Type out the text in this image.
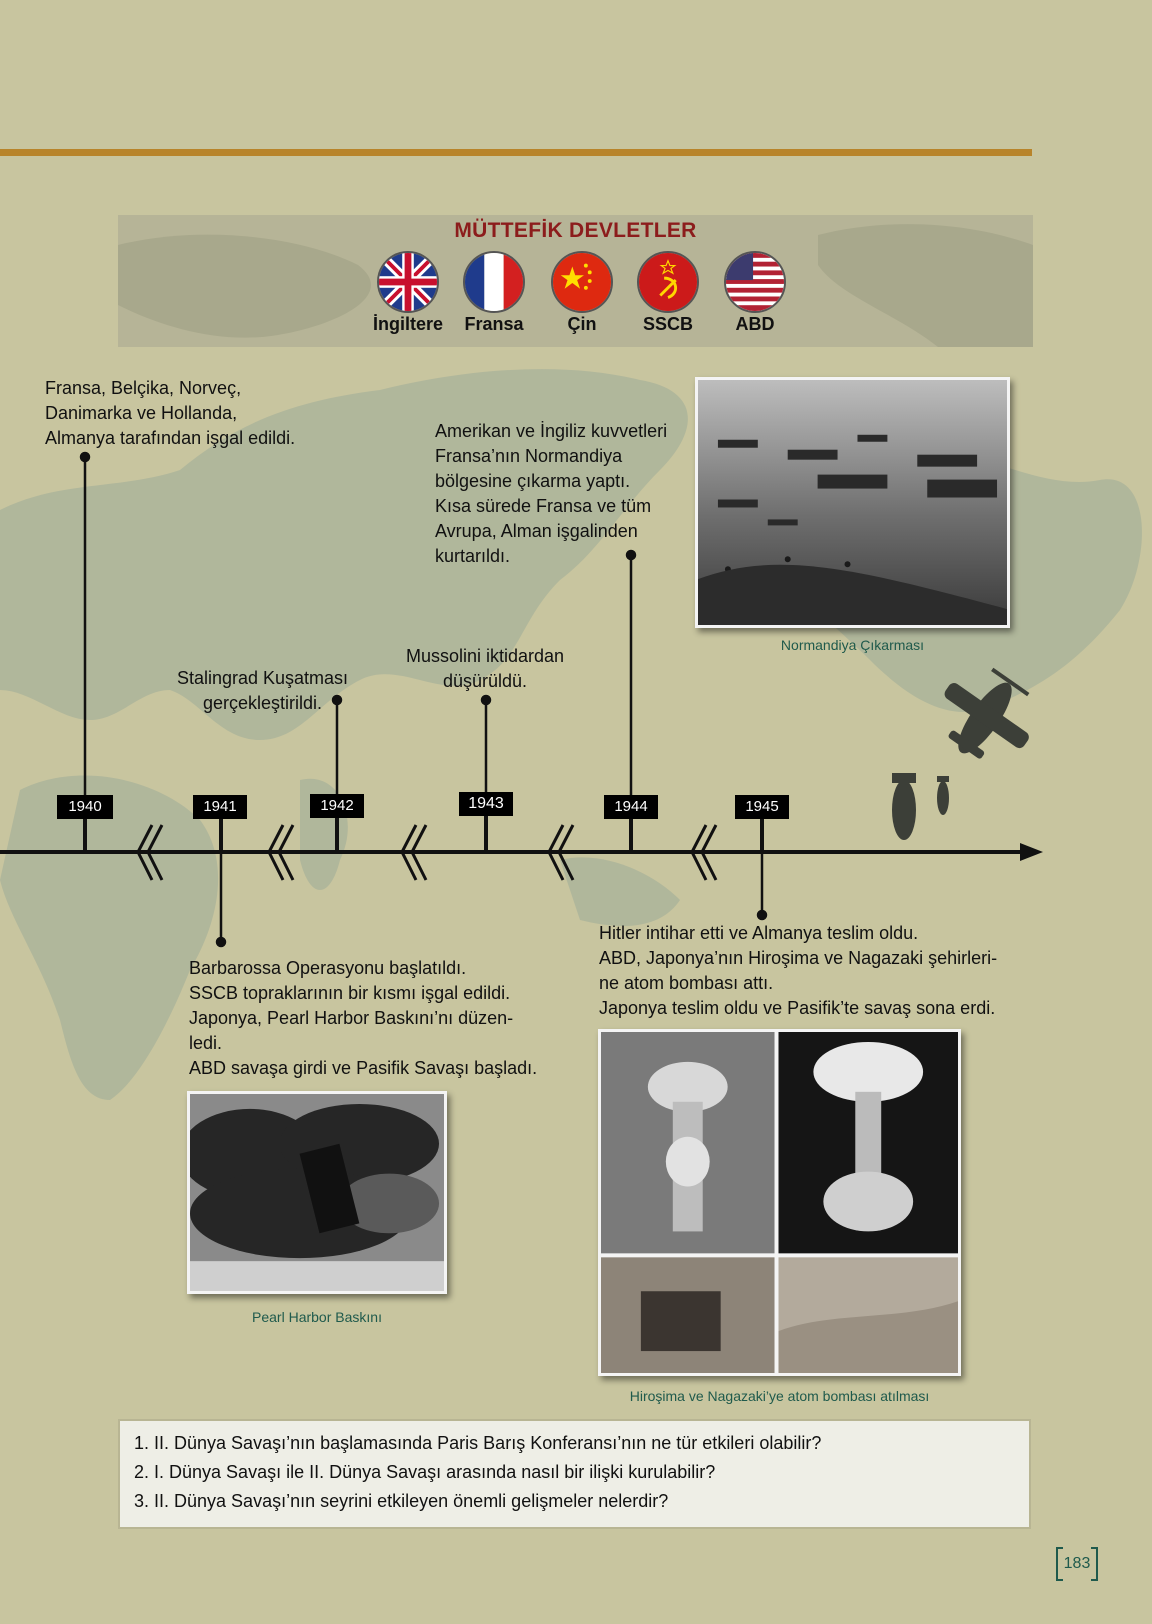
MÜTTEFİK DEVLETLER
İngiltere	Fransa	Çin	SSCB	ABD
1940	1941	1942	1943	1944	1945
Fransa, Belçika, Norveç,
Danimarka ve Hollanda,
Almanya tarafından işgal edildi.
Stalingrad Kuşatması
gerçekleştirildi.
Mussolini iktidardan
düşürüldü.
Amerikan ve İngiliz kuvvetleri
Fransa’nın Normandiya
bölgesine çıkarma yaptı.
Kısa sürede Fransa ve tüm
Avrupa, Alman işgalinden
kurtarıldı.
Barbarossa Operasyonu başlatıldı.
SSCB topraklarının bir kısmı işgal edildi.
Japonya, Pearl Harbor Baskını’nı düzen-
ledi.
ABD savaşa girdi ve Pasifik Savaşı başladı.
Hitler intihar etti ve Almanya teslim oldu.
ABD, Japonya’nın Hiroşima ve Nagazaki şehirleri-
ne atom bombası attı.
Japonya teslim oldu ve Pasifik’te savaş sona erdi.
Normandiya Çıkarması
Pearl Harbor Baskını
Hiroşima ve Nagazaki’ye atom bombası atılması
1. II. Dünya Savaşı’nın başlamasında Paris Barış Konferansı’nın ne tür etkileri olabilir?
2. I. Dünya Savaşı ile II. Dünya Savaşı arasında nasıl bir ilişki kurulabilir?
3. II. Dünya Savaşı’nın seyrini etkileyen önemli gelişmeler nelerdir?
183
